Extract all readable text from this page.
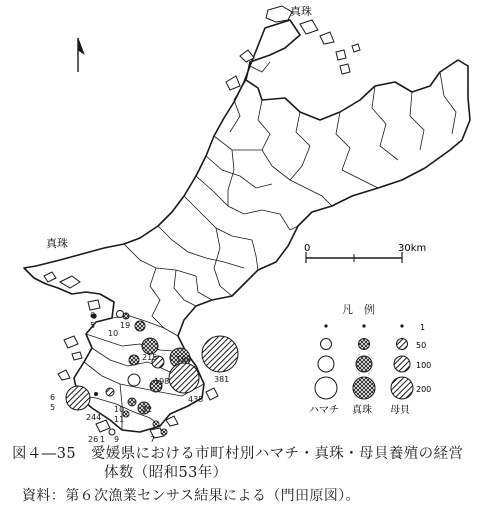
0	30km
真珠
真珠
6
5	19
10
215 188
381
198
438
244
6
5	10
11
22
26 1 9	7
凡　例
1
50
100
200
ハマチ 真珠 母貝
図４―35　愛媛県における市町村別ハマチ・真珠・母貝養殖の経営
体数（昭和53年）
資料：第６次漁業センサス結果による（門田原図）。
